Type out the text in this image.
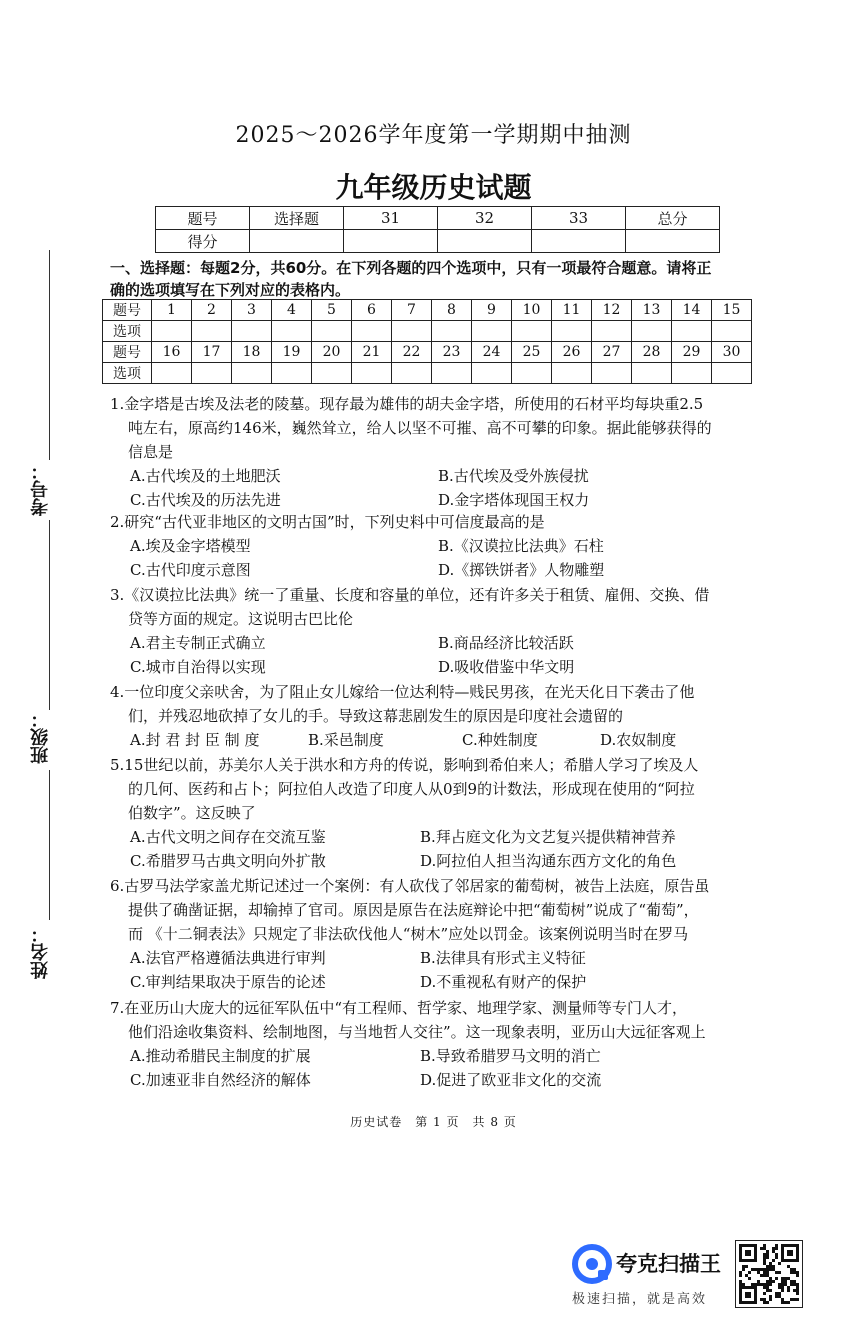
2025～2026学年度第一学期期中抽测
九年级历史试题
题号	选择题	31	32	33	总分
得分					
一、选择题：每题2分，共60分。在下列各题的四个选项中，只有一项最符合题意。请将正
确的选项填写在下列对应的表格内。
题号	1	2	3	4	5	6	7	8	9	10	11	12	13	14	15
选项															
题号	16	17	18	19	20	21	22	23	24	25	26	27	28	29	30
选项															
1.金字塔是古埃及法老的陵墓。现存最为雄伟的胡夫金字塔，所使用的石材平均每块重2.5
吨左右，原高约146米，巍然耸立，给人以坚不可摧、高不可攀的印象。据此能够获得的
信息是
A.古代埃及的土地肥沃	B.古代埃及受外族侵扰
C.古代埃及的历法先进	D.金字塔体现国王权力
2.研究“古代亚非地区的文明古国”时，下列史料中可信度最高的是
A.埃及金字塔模型	B.《汉谟拉比法典》石柱
C.古代印度示意图	D.《掷铁饼者》人物雕塑
3.《汉谟拉比法典》统一了重量、长度和容量的单位，还有许多关于租赁、雇佣、交换、借
贷等方面的规定。这说明古巴比伦
A.君主专制正式确立	B.商品经济比较活跃
C.城市自治得以实现	D.吸收借鉴中华文明
4.一位印度父亲吠舍，为了阻止女儿嫁给一位达利特—贱民男孩，在光天化日下袭击了他
们，并残忍地砍掉了女儿的手。导致这幕悲剧发生的原因是印度社会遗留的
A.封 君 封 臣 制 度	B.采邑制度	C.种姓制度	D.农奴制度
5.15世纪以前，苏美尔人关于洪水和方舟的传说，影响到希伯来人；希腊人学习了埃及人
的几何、医药和占卜；阿拉伯人改造了印度人从0到9的计数法，形成现在使用的“阿拉
伯数字”。这反映了
A.古代文明之间存在交流互鉴	B.拜占庭文化为文艺复兴提供精神营养
C.希腊罗马古典文明向外扩散	D.阿拉伯人担当沟通东西方文化的角色
6.古罗马法学家盖尤斯记述过一个案例：有人砍伐了邻居家的葡萄树，被告上法庭，原告虽
提供了确凿证据，却输掉了官司。原因是原告在法庭辩论中把“葡萄树”说成了“葡萄”，
而 《十二铜表法》只规定了非法砍伐他人“树木”应处以罚金。该案例说明当时在罗马
A.法官严格遵循法典进行审判	B.法律具有形式主义特征
C.审判结果取决于原告的论述	D.不重视私有财产的保护
7.在亚历山大庞大的远征军队伍中“有工程师、哲学家、地理学家、测量师等专门人才，
他们沿途收集资料、绘制地图，与当地哲人交往”。这一现象表明，亚历山大远征客观上
A.推动希腊民主制度的扩展	B.导致希腊罗马文明的消亡
C.加速亚非自然经济的解体	D.促进了欧亚非文化的交流
考号：
班级：
姓名：
历史试卷　第 1 页　共 8 页
夸克扫描王
极速扫描，就是高效
